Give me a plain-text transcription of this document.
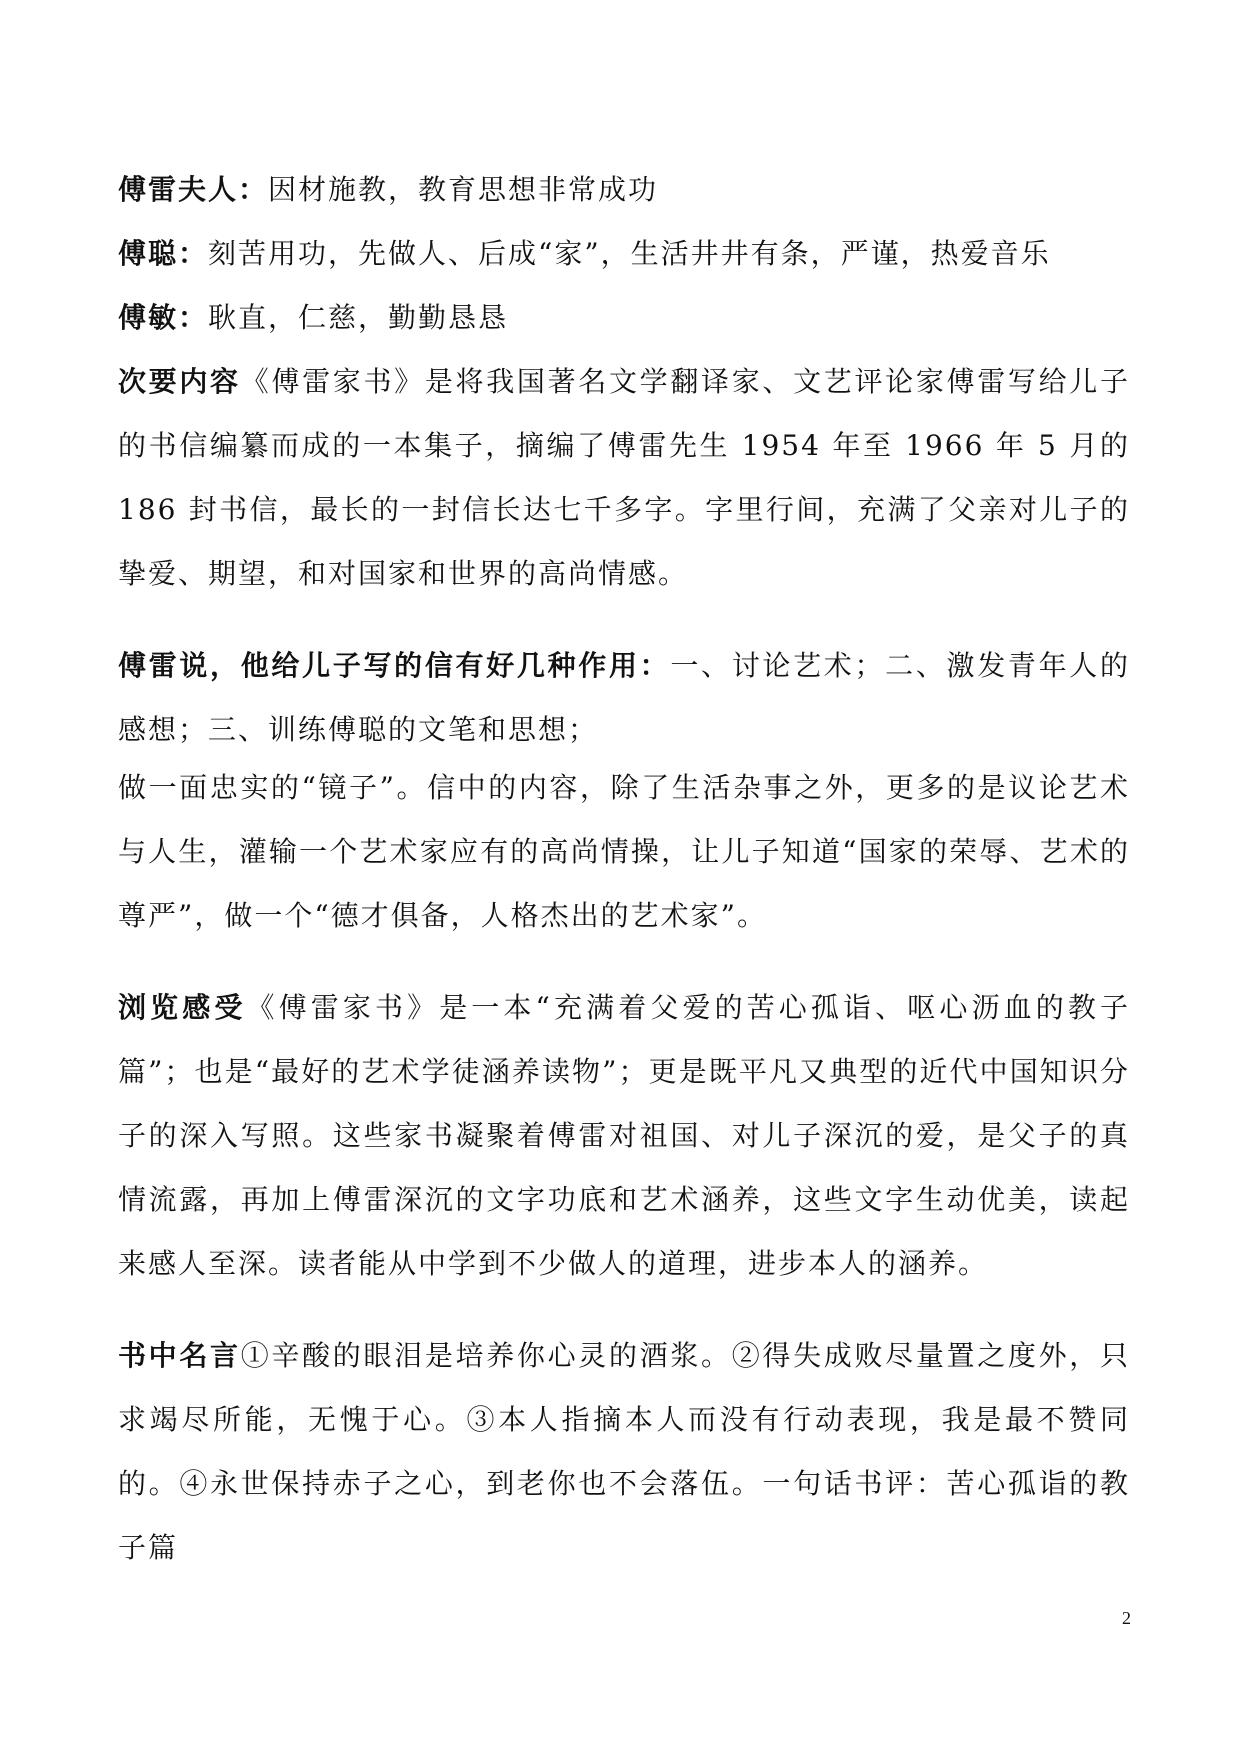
傅雷夫人：因材施教，教育思想非常成功

傅聪：刻苦用功，先做人、后成“家”，生活井井有条，严谨，热爱音乐

傅敏：耿直，仁慈，勤勤恳恳

次要内容《傅雷家书》是将我国著名文学翻译家、文艺评论家傅雷写给儿子的书信编纂而成的一本集子，摘编了傅雷先生 1954 年至 1966 年 5 月的 186 封书信，最长的一封信长达七千多字。字里行间，充满了父亲对儿子的挚爱、期望，和对国家和世界的高尚情感。

傅雷说，他给儿子写的信有好几种作用：一、讨论艺术；二、激发青年人的感想；三、训练傅聪的文笔和思想；

做一面忠实的“镜子”。信中的内容，除了生活杂事之外，更多的是议论艺术与人生，灌输一个艺术家应有的高尚情操，让儿子知道“国家的荣辱、艺术的尊严”，做一个“德才俱备，人格杰出的艺术家”。

浏览感受《傅雷家书》是一本“充满着父爱的苦心孤诣、呕心沥血的教子篇”；也是“最好的艺术学徒涵养读物”；更是既平凡又典型的近代中国知识分子的深入写照。这些家书凝聚着傅雷对祖国、对儿子深沉的爱，是父子的真情流露，再加上傅雷深沉的文字功底和艺术涵养，这些文字生动优美，读起来感人至深。读者能从中学到不少做人的道理，进步本人的涵养。

书中名言①辛酸的眼泪是培养你心灵的酒浆。②得失成败尽量置之度外，只求竭尽所能，无愧于心。③本人指摘本人而没有行动表现，我是最不赞同的。④永世保持赤子之心，到老你也不会落伍。一句话书评：苦心孤诣的教子篇

2
